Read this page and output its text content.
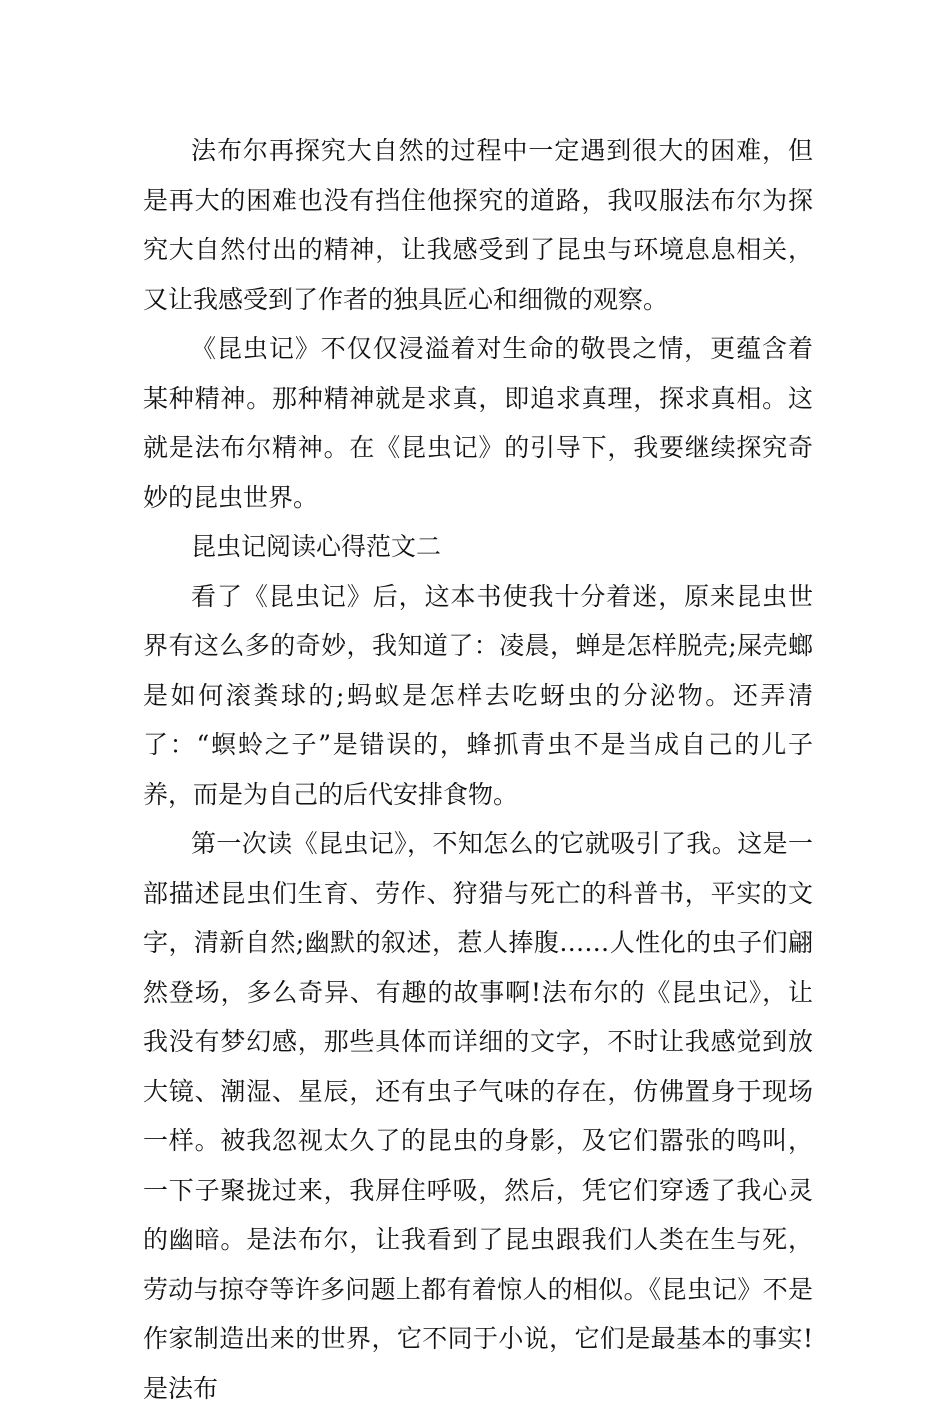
法布尔再探究大自然的过程中一定遇到很大的困难，但是再大的困难也没有挡住他探究的道路，我叹服法布尔为探究大自然付出的精神，让我感受到了昆虫与环境息息相关，又让我感受到了作者的独具匠心和细微的观察。

《昆虫记》不仅仅浸溢着对生命的敬畏之情，更蕴含着某种精神。那种精神就是求真，即追求真理，探求真相。这就是法布尔精神。在《昆虫记》的引导下，我要继续探究奇妙的昆虫世界。

昆虫记阅读心得范文二

看了《昆虫记》后，这本书使我十分着迷，原来昆虫世界有这么多的奇妙，我知道了：凌晨，蝉是怎样脱壳;屎壳螂是如何滚粪球的;蚂蚁是怎样去吃蚜虫的分泌物。还弄清了：“螟蛉之子”是错误的，蜂抓青虫不是当成自己的儿子养，而是为自己的后代安排食物。

第一次读《昆虫记》，不知怎么的它就吸引了我。这是一部描述昆虫们生育、劳作、狩猎与死亡的科普书，平实的文字，清新自然;幽默的叙述，惹人捧腹……人性化的虫子们翩然登场，多么奇异、有趣的故事啊!法布尔的《昆虫记》，让我没有梦幻感，那些具体而详细的文字，不时让我感觉到放大镜、潮湿、星辰，还有虫子气味的存在，仿佛置身于现场一样。被我忽视太久了的昆虫的身影，及它们嚣张的鸣叫，一下子聚拢过来，我屏住呼吸，然后，凭它们穿透了我心灵的幽暗。是法布尔，让我看到了昆虫跟我们人类在生与死，劳动与掠夺等许多问题上都有着惊人的相似。《昆虫记》不是作家制造出来的世界，它不同于小说，它们是最基本的事实!是法布
